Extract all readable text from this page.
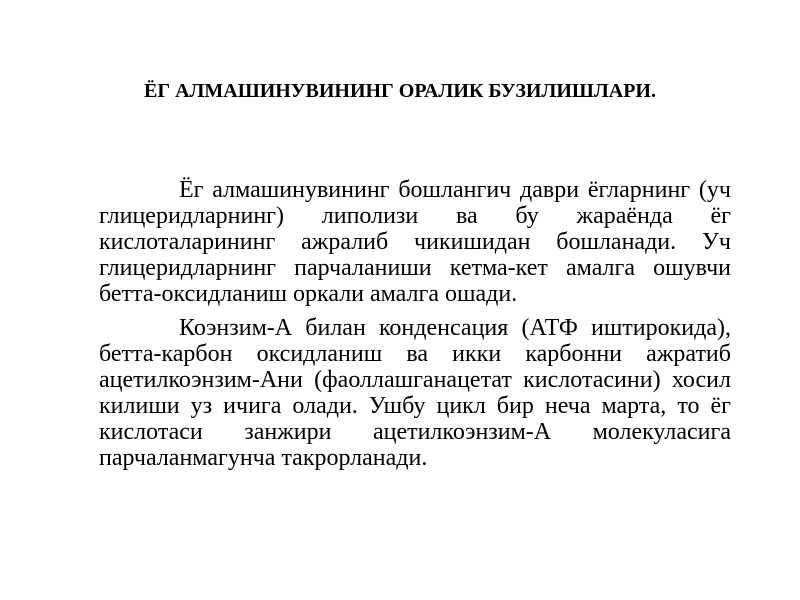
ЁГ АЛМАШИНУВИНИНГ ОРАЛИК БУЗИЛИШЛАРИ.

Ёг алмашинувининг бошлангич даври ёгларнинг (уч глицеридларнинг) липолизи ва бу жараёнда ёг кислоталарининг ажралиб чикишидан бошланади. Уч глицеридларнинг парчаланиши кетма-кет амалга ошувчи бетта-оксидланиш оркали амалга ошади.

Коэнзим-А билан конденсация (АТФ иштирокида), бетта-карбон оксидланиш ва икки карбонни ажратиб ацетилкоэнзим-Ани (фаоллашганацетат кислотасини) хосил килиши уз ичига олади. Ушбу цикл бир неча марта, то ёг кислотаси занжири ацетилкоэнзим-А молекуласига парчаланмагунча такрорланади.
